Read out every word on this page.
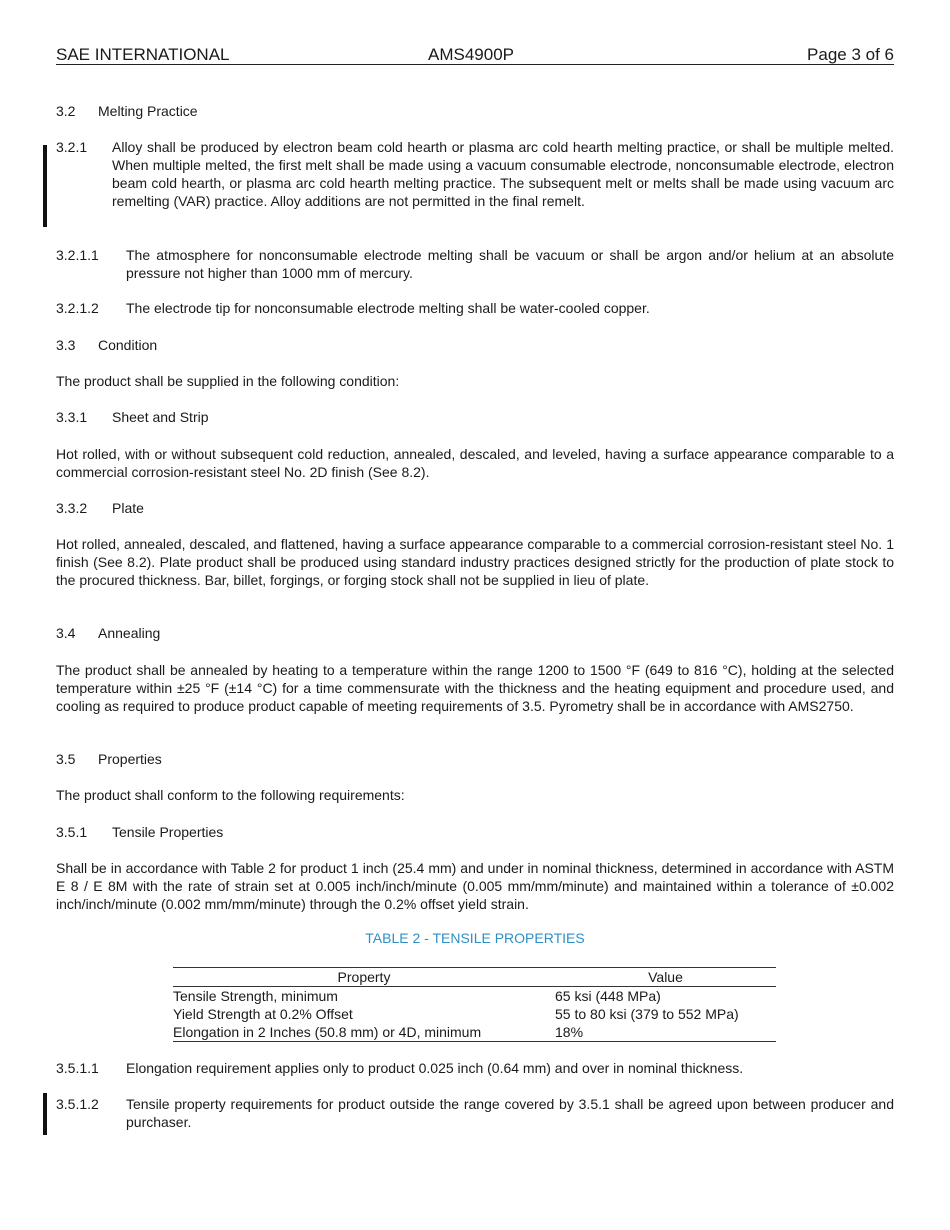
SAE INTERNATIONAL	AMS4900P	Page 3 of 6
3.2 Melting Practice
3.2.1 Alloy shall be produced by electron beam cold hearth or plasma arc cold hearth melting practice, or shall be multiple melted. When multiple melted, the first melt shall be made using a vacuum consumable electrode, nonconsumable electrode, electron beam cold hearth, or plasma arc cold hearth melting practice. The subsequent melt or melts shall be made using vacuum arc remelting (VAR) practice. Alloy additions are not permitted in the final remelt.
3.2.1.1 The atmosphere for nonconsumable electrode melting shall be vacuum or shall be argon and/or helium at an absolute pressure not higher than 1000 mm of mercury.
3.2.1.2 The electrode tip for nonconsumable electrode melting shall be water-cooled copper.
3.3 Condition
The product shall be supplied in the following condition:
3.3.1 Sheet and Strip
Hot rolled, with or without subsequent cold reduction, annealed, descaled, and leveled, having a surface appearance comparable to a commercial corrosion-resistant steel No. 2D finish (See 8.2).
3.3.2 Plate
Hot rolled, annealed, descaled, and flattened, having a surface appearance comparable to a commercial corrosion-resistant steel No. 1 finish (See 8.2). Plate product shall be produced using standard industry practices designed strictly for the production of plate stock to the procured thickness. Bar, billet, forgings, or forging stock shall not be supplied in lieu of plate.
3.4 Annealing
The product shall be annealed by heating to a temperature within the range 1200 to 1500 °F (649 to 816 °C), holding at the selected temperature within ±25 °F (±14 °C) for a time commensurate with the thickness and the heating equipment and procedure used, and cooling as required to produce product capable of meeting requirements of 3.5. Pyrometry shall be in accordance with AMS2750.
3.5 Properties
The product shall conform to the following requirements:
3.5.1 Tensile Properties
Shall be in accordance with Table 2 for product 1 inch (25.4 mm) and under in nominal thickness, determined in accordance with ASTM E 8 / E 8M with the rate of strain set at 0.005 inch/inch/minute (0.005 mm/mm/minute) and maintained within a tolerance of ±0.002 inch/inch/minute (0.002 mm/mm/minute) through the 0.2% offset yield strain.
TABLE 2 - TENSILE PROPERTIES
Property	Value
Tensile Strength, minimum	65 ksi (448 MPa)
Yield Strength at 0.2% Offset	55 to 80 ksi (379 to 552 MPa)
Elongation in 2 Inches (50.8 mm) or 4D, minimum	18%
3.5.1.1 Elongation requirement applies only to product 0.025 inch (0.64 mm) and over in nominal thickness.
3.5.1.2 Tensile property requirements for product outside the range covered by 3.5.1 shall be agreed upon between producer and purchaser.
